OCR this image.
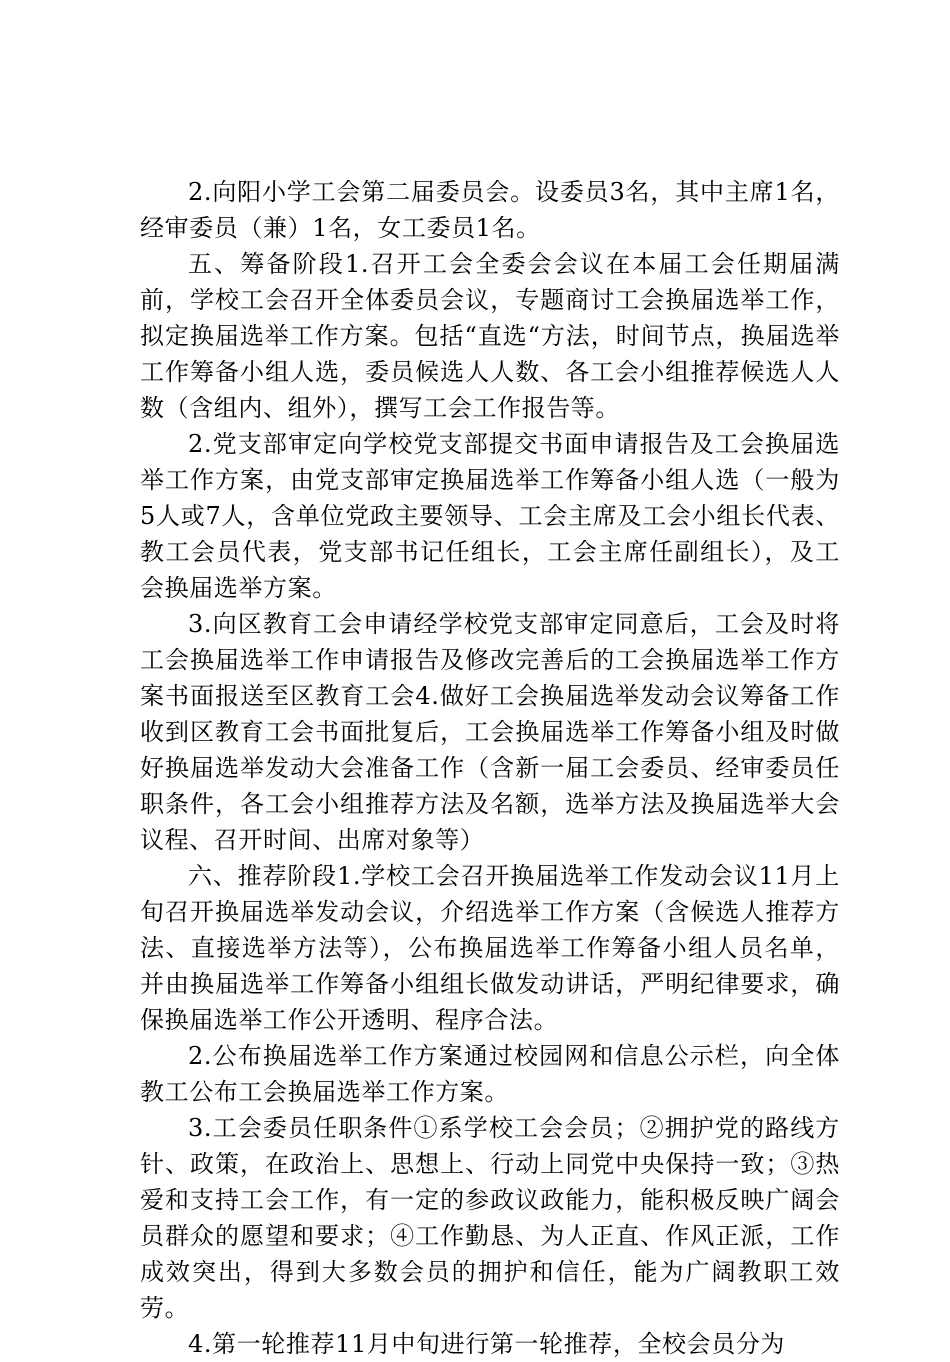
2.向阳小学工会第二届委员会。设委员3名，其中主席1名，经审委员（兼）1名，女工委员1名。

五、筹备阶段1.召开工会全委会会议在本届工会任期届满前，学校工会召开全体委员会议，专题商讨工会换届选举工作，拟定换届选举工作方案。包括“直选“方法，时间节点，换届选举工作筹备小组人选，委员候选人人数、各工会小组推荐候选人人数（含组内、组外），撰写工会工作报告等。

2.党支部审定向学校党支部提交书面申请报告及工会换届选举工作方案，由党支部审定换届选举工作筹备小组人选（一般为5人或7人，含单位党政主要领导、工会主席及工会小组长代表、教工会员代表，党支部书记任组长，工会主席任副组长），及工会换届选举方案。

3.向区教育工会申请经学校党支部审定同意后，工会及时将工会换届选举工作申请报告及修改完善后的工会换届选举工作方案书面报送至区教育工会4.做好工会换届选举发动会议筹备工作收到区教育工会书面批复后，工会换届选举工作筹备小组及时做好换届选举发动大会准备工作（含新一届工会委员、经审委员任职条件，各工会小组推荐方法及名额，选举方法及换届选举大会议程、召开时间、出席对象等）

六、推荐阶段1.学校工会召开换届选举工作发动会议11月上旬召开换届选举发动会议，介绍选举工作方案（含候选人推荐方法、直接选举方法等），公布换届选举工作筹备小组人员名单，并由换届选举工作筹备小组组长做发动讲话，严明纪律要求，确保换届选举工作公开透明、程序合法。

2.公布换届选举工作方案通过校园网和信息公示栏，向全体教工公布工会换届选举工作方案。

3.工会委员任职条件①系学校工会会员；②拥护党的路线方针、政策，在政治上、思想上、行动上同党中央保持一致；③热爱和支持工会工作，有一定的参政议政能力，能积极反映广阔会员群众的愿望和要求；④工作勤恳、为人正直、作风正派，工作成效突出，得到大多数会员的拥护和信任，能为广阔教职工效劳。

4.第一轮推荐11月中旬进行第一轮推荐，全校会员分为
